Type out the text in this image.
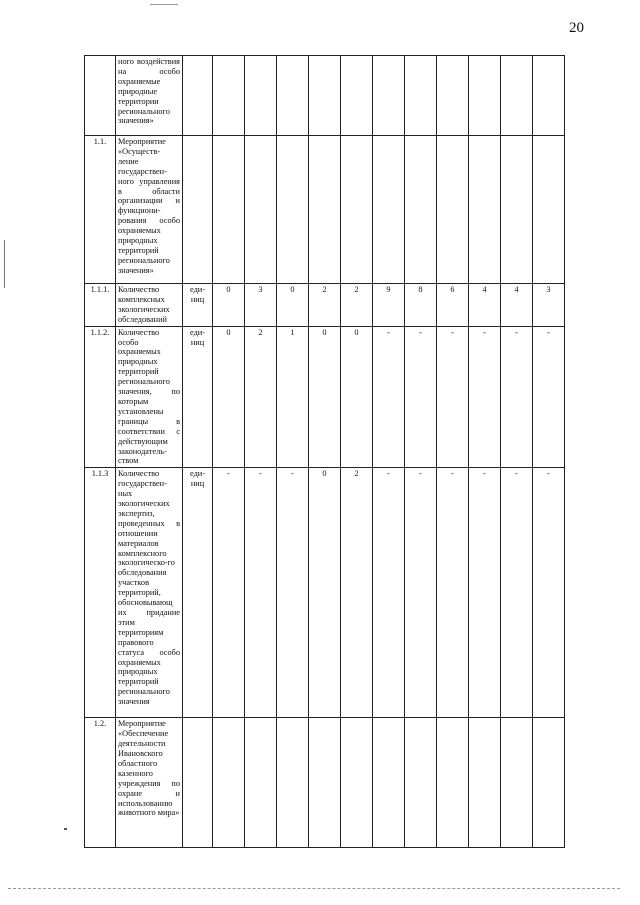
20
	ного воздействия на особо охраняемые природные территории регионального значения»												
1.1.	Мероприятие «Осуществ-ление государствен-ного управления в области организации и функциони-рования особо охраняемых природных территорий регионального значения»												
1.1.1.	Количество комплексных экологических обследований	еди-ниц	0	3	0	2	2	9	8	6	4	4	3
1.1.2.	Количество особо охраняемых природных территорий регионального значения, по которым установлены границы в соответствии с действующим законодатель-ством	еди-ниц	0	2	1	0	0	-	-	-	-	-	-
1.1.3	Количество государствен-ных экологических экспертиз, проведенных в отношении материалов комплексного экологическо-го обследования участков территорий, обосновывающ их придание этим территориям правового статуса особо охраняемых природных территорий регионального значения	еди-ниц	-	-	-	0	2	-	-	-	-	-	-
1.2.	Мероприятие «Обеспечение деятельности Ивановского областного казенного учреждения по охране и использованию животного мира»												
